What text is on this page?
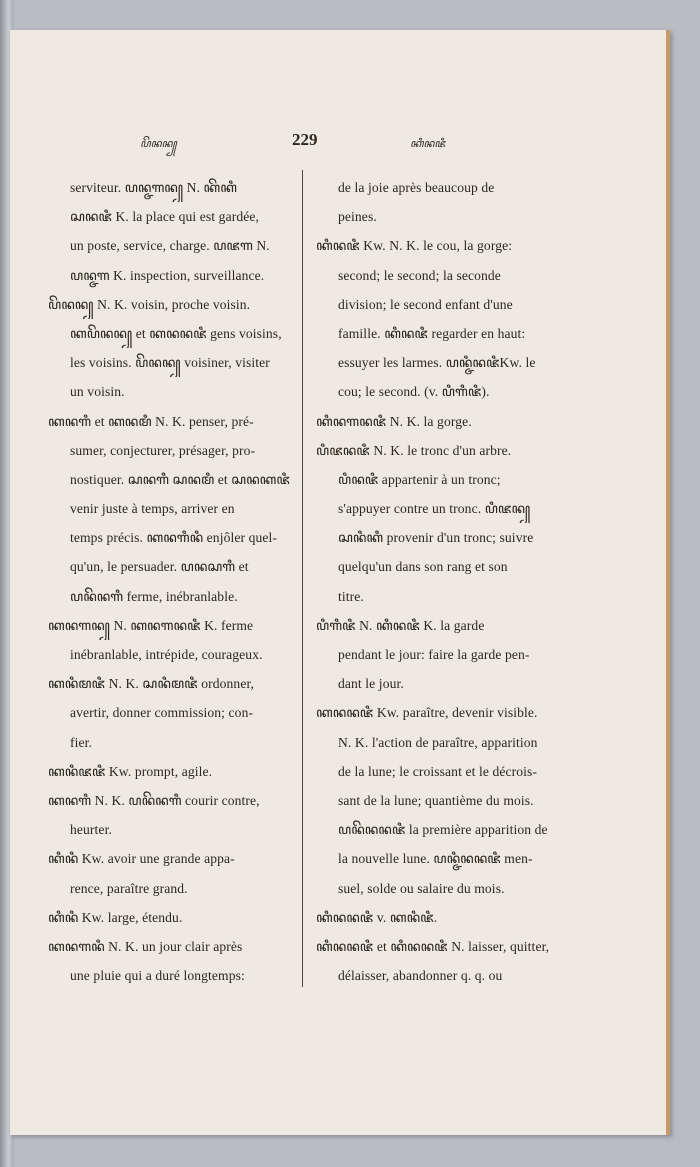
ꦥꦼꦤꦤ꧀	229	ꦏꦶꦤꦗꦶ
serviteur. ꦥꦤ꧀ꦗꦒꦤ꧀ N. ꦏꦼꦏꦶ
ꦱꦤꦗꦶ K. la place qui est gardée,
un poste, service, charge. ꦥꦗꦒ N.
ꦥꦤ꧀ꦗꦒ K. inspection, surveillance.
ꦥꦼꦤꦤ꧀ N. K. voisin, proche voisin.
ꦏꦥꦼꦤꦤ꧀ et ꦏꦤꦤꦗꦶ gens voisins,
les voisins. ꦥꦼꦤꦤ꧀ voisiner, visiter
un voisin.
ꦏꦤꦒꦶ et ꦏꦤꦩꦶ N. K. penser, pré-
sumer, conjecturer, présager, pro-
nostiquer. ꦱꦤꦒꦶ ꦱꦤꦩꦶ et ꦱꦤꦏꦗꦶ
venir juste à temps, arriver en
temps précis. ꦏꦤꦒꦶꦤꦶ enjôler quel-
qu'un, le persuader. ꦥꦤꦱꦒꦶ et
ꦥꦤꦼꦤꦒꦶ ferme, inébranlable.
ꦏꦤꦒꦤ꧀ N. ꦏꦤꦒꦤꦗꦶ K. ferme
inébranlable, intrépide, courageux.
ꦏꦤꦶꦩꦗꦶ N. K. ꦱꦤꦶꦩꦗꦶ ordonner,
avertir, donner commission; con-
fier.
ꦏꦤꦶꦗꦗꦶ Kw. prompt, agile.
ꦏꦤꦒꦶ N. K. ꦥꦤꦼꦤꦒꦶ courir contre,
heurter.
ꦏꦶꦤꦶ Kw. avoir une grande appa-
rence, paraître grand.
ꦏꦶꦤꦶ Kw. large, étendu.
ꦏꦤꦒꦤꦶ N. K. un jour clair après
une pluie qui a duré longtemps:
de la joie après beaucoup de
peines.
ꦏꦶꦤꦗꦶ Kw. N. K. le cou, la gorge:
second; le second; la seconde
division; le second enfant d'une
famille. ꦏꦶꦤꦗꦶ regarder en haut:
essuyer les larmes. ꦥꦤ꧀ꦗꦶꦤꦗꦶKw. le
cou; le second. (v. ꦥꦶꦒꦶꦗꦶ).
ꦏꦶꦤꦒꦤꦗꦶ N. K. la gorge.
ꦥꦶꦗꦤꦗꦶ N. K. le tronc d'un arbre.
ꦥꦶꦤꦗꦶ appartenir à un tronc;
s'appuyer contre un tronc. ꦥꦶꦗꦤ꧀
ꦱꦤꦶꦏꦶ provenir d'un tronc; suivre
quelqu'un dans son rang et son
titre.
ꦥꦶꦒꦶꦗꦶ N. ꦏꦶꦤꦗꦶ K. la garde
pendant le jour: faire la garde pen-
dant le jour.
ꦏꦤꦤꦗꦶ Kw. paraître, devenir visible.
N. K. l'action de paraître, apparition
de la lune; le croissant et le décrois-
sant de la lune; quantième du mois.
ꦥꦤꦼꦤꦤꦗꦶ la première apparition de
la nouvelle lune. ꦥꦤ꧀ꦗꦶꦤꦤꦗꦶ men-
suel, solde ou salaire du mois.
ꦏꦶꦤꦤꦗꦶ v. ꦏꦤꦶꦗꦶ.
ꦏꦶꦤꦤꦗꦶ et ꦏꦶꦤꦤꦗꦶ N. laisser, quitter,
délaisser, abandonner q. q. ou
